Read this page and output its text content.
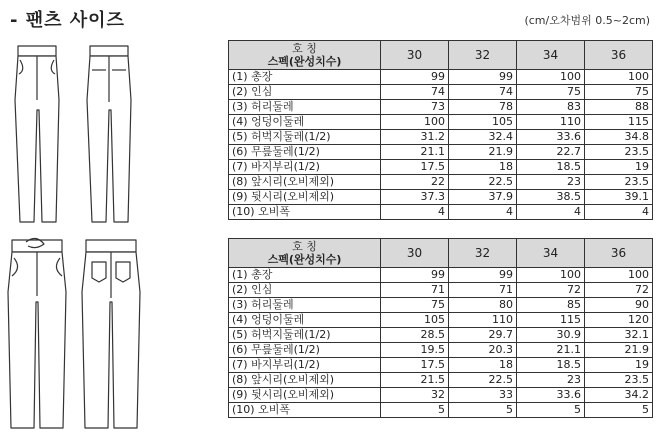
- 팬츠 사이즈	(cm/오차범위 0.5~2cm)
호 칭
스펙(완성치수)	30	32	34	36
(1) 총장	99	99	100	100
(2) 인심	74	74	75	75
(3) 허리둘레	73	78	83	88
(4) 엉덩이둘레	100	105	110	115
(5) 허벅지둘레(1/2)	31.2	32.4	33.6	34.8
(6) 무릎둘레(1/2)	21.1	21.9	22.7	23.5
(7) 바지부리(1/2)	17.5	18	18.5	19
(8) 앞시리(오비제외)	22	22.5	23	23.5
(9) 뒷시리(오비제외)	37.3	37.9	38.5	39.1
(10) 오비폭	4	4	4	4
호 칭
스펙(완성치수)	30	32	34	36
(1) 총장	99	99	100	100
(2) 인심	71	71	72	72
(3) 허리둘레	75	80	85	90
(4) 엉덩이둘레	105	110	115	120
(5) 허벅지둘레(1/2)	28.5	29.7	30.9	32.1
(6) 무릎둘레(1/2)	19.5	20.3	21.1	21.9
(7) 바지부리(1/2)	17.5	18	18.5	19
(8) 앞시리(오비제외)	21.5	22.5	23	23.5
(9) 뒷시리(오비제외)	32	33	33.6	34.2
(10) 오비폭	5	5	5	5
